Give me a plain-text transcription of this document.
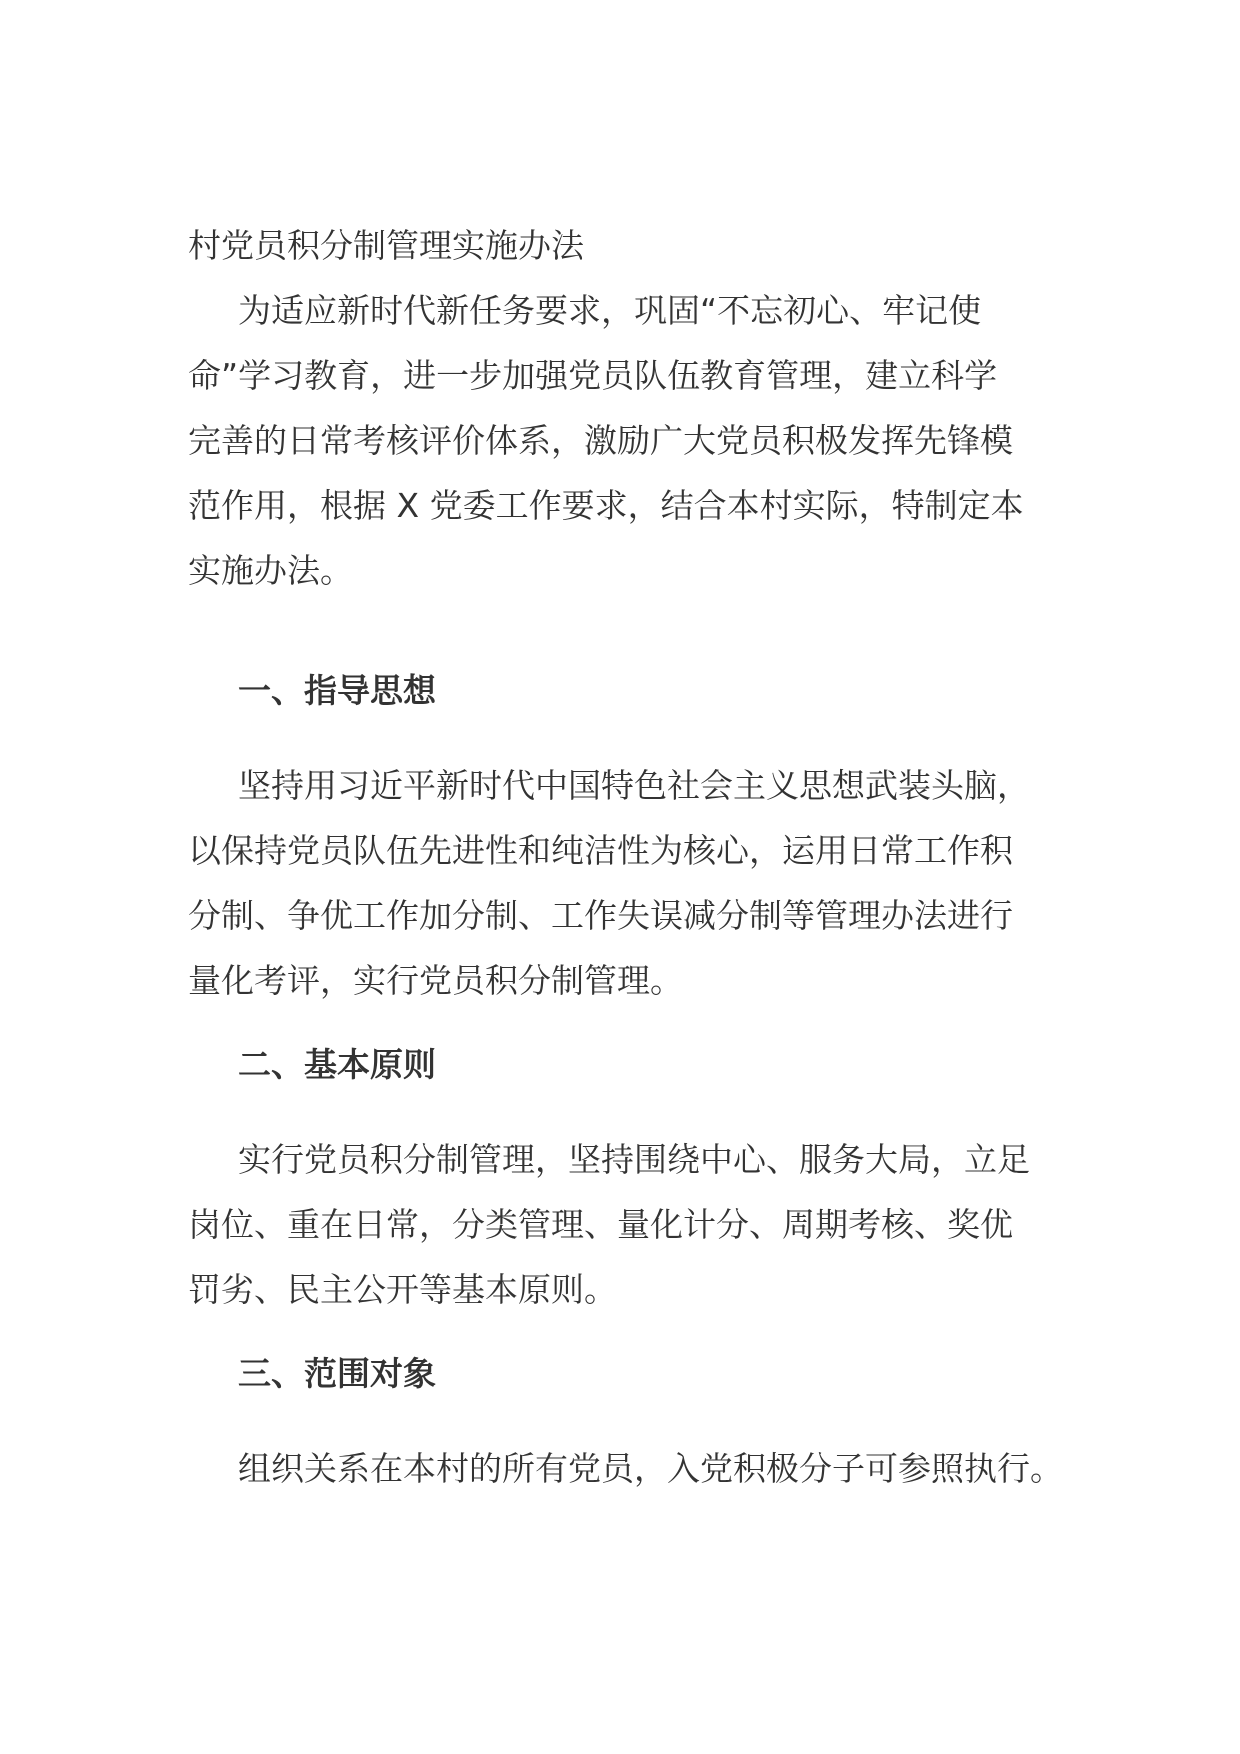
村党员积分制管理实施办法
为适应新时代新任务要求，巩固“不忘初心、牢记使
命”学习教育，进一步加强党员队伍教育管理，建立科学
完善的日常考核评价体系，激励广大党员积极发挥先锋模
范作用，根据 X 党委工作要求，结合本村实际，特制定本
实施办法。
一、指导思想
坚持用习近平新时代中国特色社会主义思想武装头脑，
以保持党员队伍先进性和纯洁性为核心，运用日常工作积
分制、争优工作加分制、工作失误减分制等管理办法进行
量化考评，实行党员积分制管理。
二、基本原则
实行党员积分制管理，坚持围绕中心、服务大局，立足
岗位、重在日常，分类管理、量化计分、周期考核、奖优
罚劣、民主公开等基本原则。
三、范围对象
组织关系在本村的所有党员，入党积极分子可参照执行。
